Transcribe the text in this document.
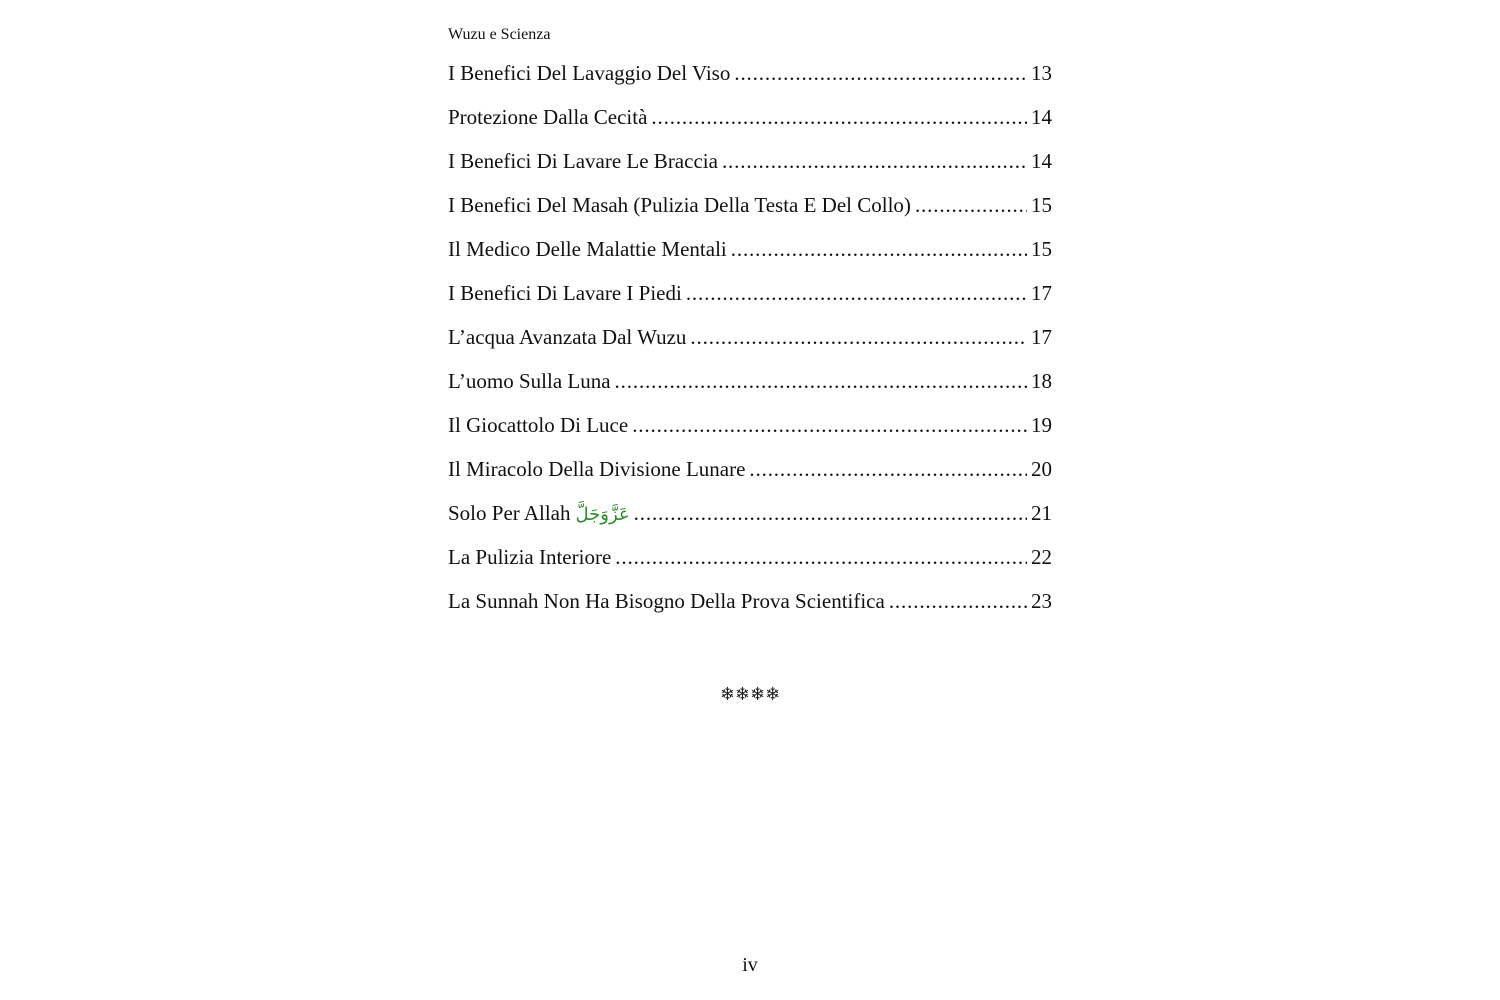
Wuzu e Scienza
I Benefici Del Lavaggio Del Viso . . .	13
Protezione Dalla Cecità . . .	14
I Benefici Di Lavare Le Braccia . . .	14
I Benefici Del Masah (Pulizia Della Testa E Del Collo) . . .	15
Il Medico Delle Malattie Mentali . . .	15
I Benefici Di Lavare I Piedi . . .	17
L’acqua Avanzata Dal Wuzu . . .	17
L’uomo Sulla Luna . . .	18
Il Giocattolo Di Luce . . .	19
Il Miracolo Della Divisione Lunare . . .	20
Solo Per Allah عَزَّوَجَلَّ . . .	21
La Pulizia Interiore . . .	22
La Sunnah Non Ha Bisogno Della Prova Scientifica . . .	23
❄❄❄❄
iv
